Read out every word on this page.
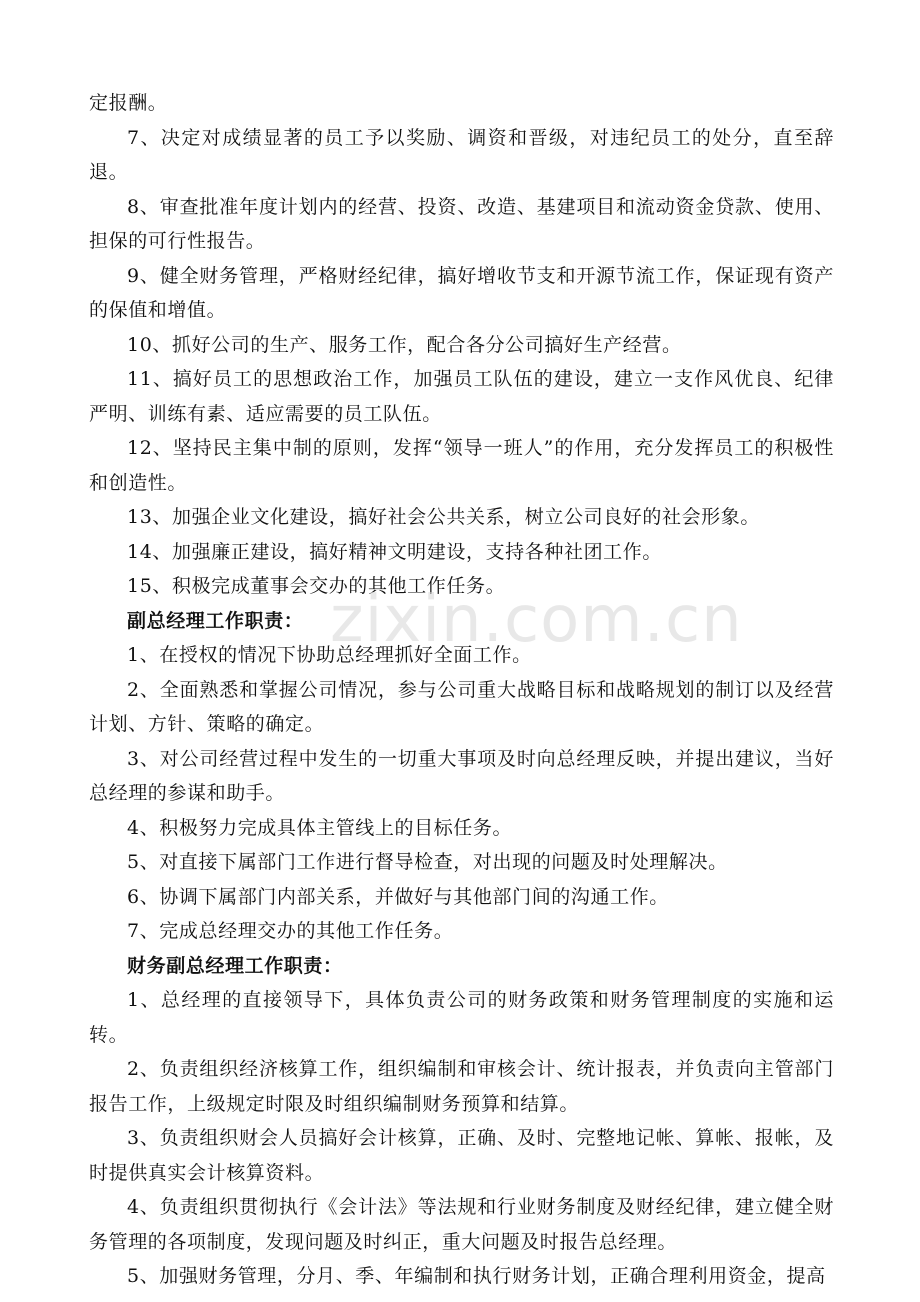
定报酬。

7、决定对成绩显著的员工予以奖励、调资和晋级，对违纪员工的处分，直至辞退。

8、审查批准年度计划内的经营、投资、改造、基建项目和流动资金贷款、使用、担保的可行性报告。

9、健全财务管理，严格财经纪律，搞好增收节支和开源节流工作，保证现有资产的保值和增值。

10、抓好公司的生产、服务工作，配合各分公司搞好生产经营。

11、搞好员工的思想政治工作，加强员工队伍的建设，建立一支作风优良、纪律严明、训练有素、适应需要的员工队伍。

12、坚持民主集中制的原则，发挥“领导一班人”的作用，充分发挥员工的积极性和创造性。

13、加强企业文化建设，搞好社会公共关系，树立公司良好的社会形象。

14、加强廉正建设，搞好精神文明建设，支持各种社团工作。

15、积极完成董事会交办的其他工作任务。

副总经理工作职责：

1、在授权的情况下协助总经理抓好全面工作。

2、全面熟悉和掌握公司情况，参与公司重大战略目标和战略规划的制订以及经营计划、方针、策略的确定。

3、对公司经营过程中发生的一切重大事项及时向总经理反映，并提出建议，当好总经理的参谋和助手。

4、积极努力完成具体主管线上的目标任务。

5、对直接下属部门工作进行督导检查，对出现的问题及时处理解决。

6、协调下属部门内部关系，并做好与其他部门间的沟通工作。

7、完成总经理交办的其他工作任务。

财务副总经理工作职责：

1、总经理的直接领导下，具体负责公司的财务政策和财务管理制度的实施和运转。

2、负责组织经济核算工作，组织编制和审核会计、统计报表，并负责向主管部门报告工作，上级规定时限及时组织编制财务预算和结算。

3、负责组织财会人员搞好会计核算，正确、及时、完整地记帐、算帐、报帐，及时提供真实会计核算资料。

4、负责组织贯彻执行《会计法》等法规和行业财务制度及财经纪律，建立健全财务管理的各项制度，发现问题及时纠正，重大问题及时报告总经理。

5、加强财务管理，分月、季、年编制和执行财务计划，正确合理利用资金，提高

zixin.com.cn
